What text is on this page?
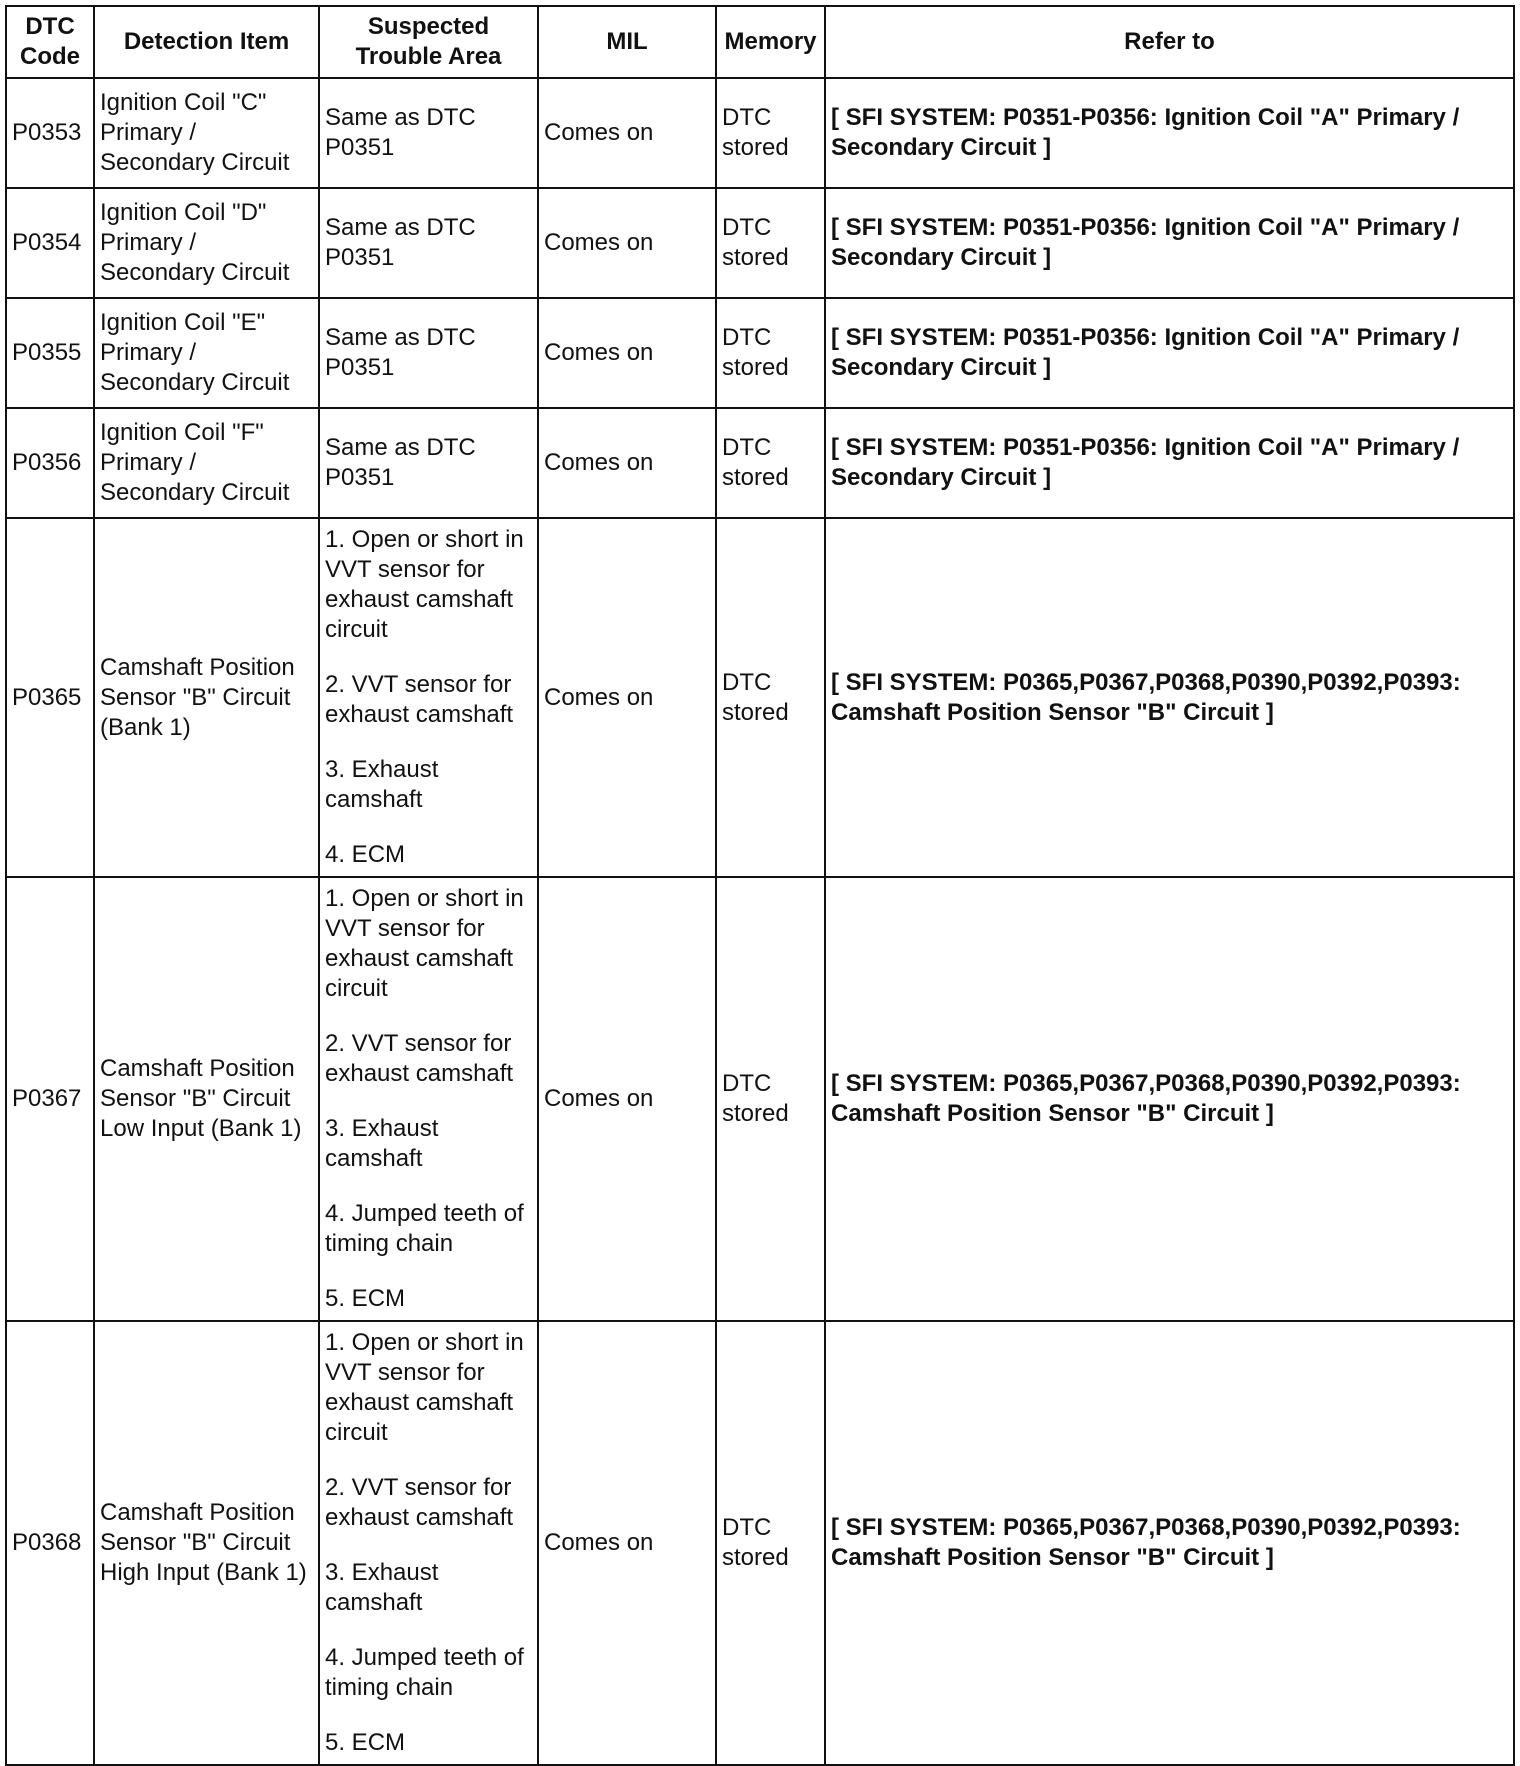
DTC Code	Detection Item	Suspected Trouble Area	MIL	Memory	Refer to
P0353	Ignition Coil "C" Primary / Secondary Circuit	Same as DTC P0351	Comes on	DTC stored	[ SFI SYSTEM: P0351-P0356: Ignition Coil "A" Primary / Secondary Circuit ]
P0354	Ignition Coil "D" Primary / Secondary Circuit	Same as DTC P0351	Comes on	DTC stored	[ SFI SYSTEM: P0351-P0356: Ignition Coil "A" Primary / Secondary Circuit ]
P0355	Ignition Coil "E" Primary / Secondary Circuit	Same as DTC P0351	Comes on	DTC stored	[ SFI SYSTEM: P0351-P0356: Ignition Coil "A" Primary / Secondary Circuit ]
P0356	Ignition Coil "F" Primary / Secondary Circuit	Same as DTC P0351	Comes on	DTC stored	[ SFI SYSTEM: P0351-P0356: Ignition Coil "A" Primary / Secondary Circuit ]
P0365	Camshaft Position Sensor "B" Circuit (Bank 1)	1. Open or short in VVT sensor for exhaust camshaft circuit
2. VVT sensor for exhaust camshaft
3. Exhaust camshaft
4. ECM	Comes on	DTC stored	[ SFI SYSTEM: P0365,P0367,P0368,P0390,P0392,P0393: Camshaft Position Sensor "B" Circuit ]
P0367	Camshaft Position Sensor "B" Circuit Low Input (Bank 1)	1. Open or short in VVT sensor for exhaust camshaft circuit
2. VVT sensor for exhaust camshaft
3. Exhaust camshaft
4. Jumped teeth of timing chain
5. ECM	Comes on	DTC stored	[ SFI SYSTEM: P0365,P0367,P0368,P0390,P0392,P0393: Camshaft Position Sensor "B" Circuit ]
P0368	Camshaft Position Sensor "B" Circuit High Input (Bank 1)	1. Open or short in VVT sensor for exhaust camshaft circuit
2. VVT sensor for exhaust camshaft
3. Exhaust camshaft
4. Jumped teeth of timing chain
5. ECM	Comes on	DTC stored	[ SFI SYSTEM: P0365,P0367,P0368,P0390,P0392,P0393: Camshaft Position Sensor "B" Circuit ]
